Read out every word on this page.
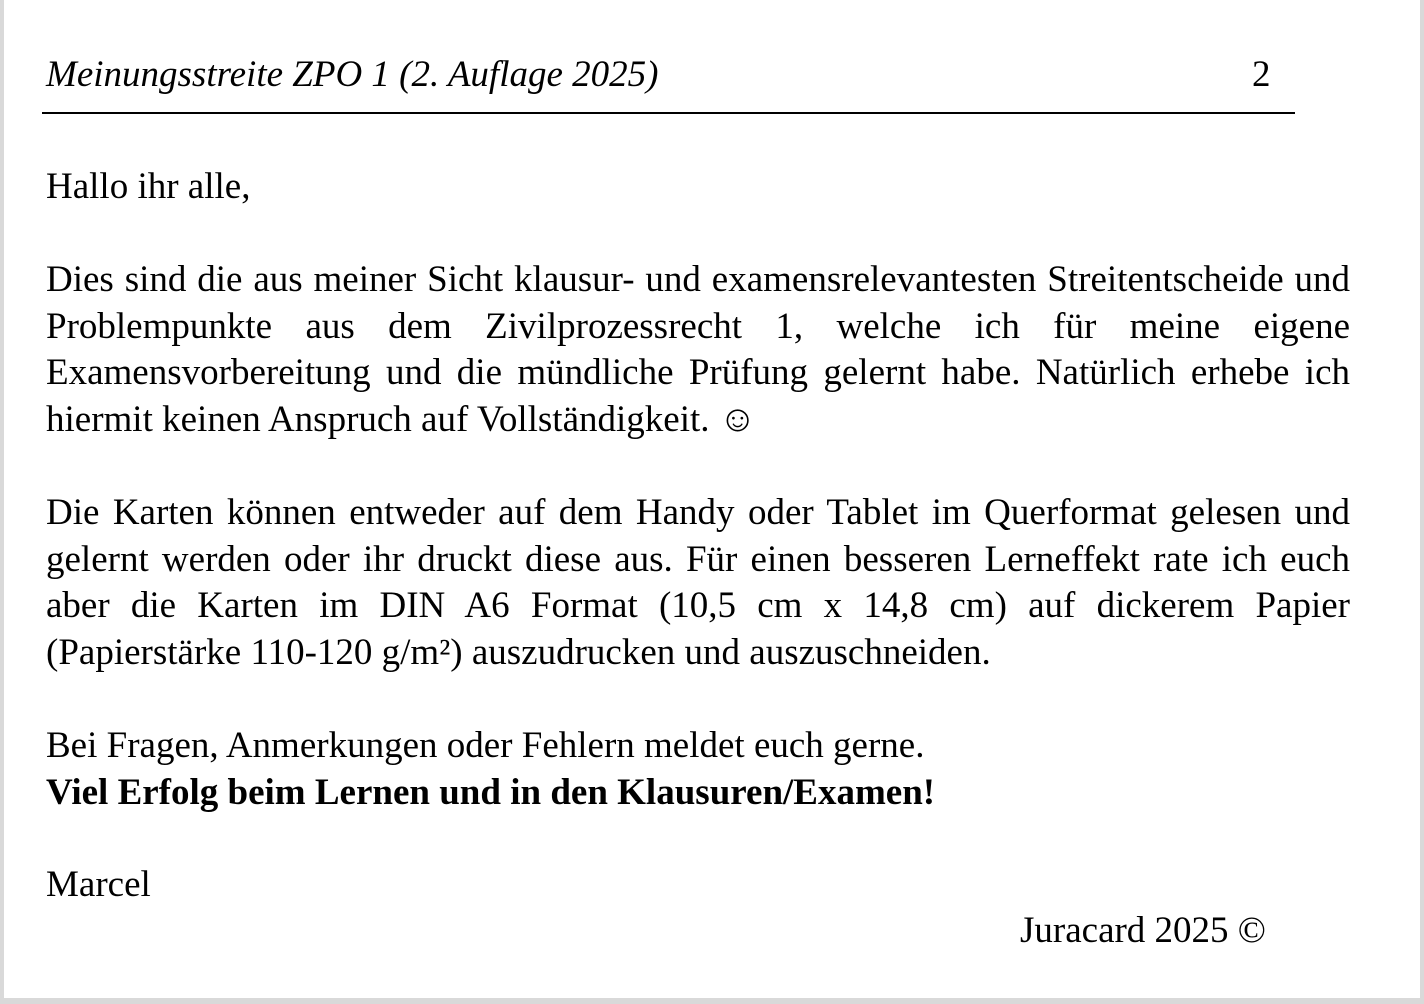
Meinungsstreite ZPO 1 (2. Auflage 2025)	2

Hallo ihr alle,

Dies sind die aus meiner Sicht klausur- und examensrelevantesten Streitentscheide und Problempunkte aus dem Zivilprozessrecht 1, welche ich für meine eigene Examensvorbereitung und die mündliche Prüfung gelernt habe. Natürlich erhebe ich hiermit keinen Anspruch auf Vollständigkeit. ☺

Die Karten können entweder auf dem Handy oder Tablet im Querformat gelesen und gelernt werden oder ihr druckt diese aus. Für einen besseren Lerneffekt rate ich euch aber die Karten im DIN A6 Format (10,5 cm x 14,8 cm) auf dickerem Papier (Papierstärke 110-120 g/m²) auszudrucken und auszuschneiden.

Bei Fragen, Anmerkungen oder Fehlern meldet euch gerne.
Viel Erfolg beim Lernen und in den Klausuren/Examen!

Marcel

Juracard 2025 ©
